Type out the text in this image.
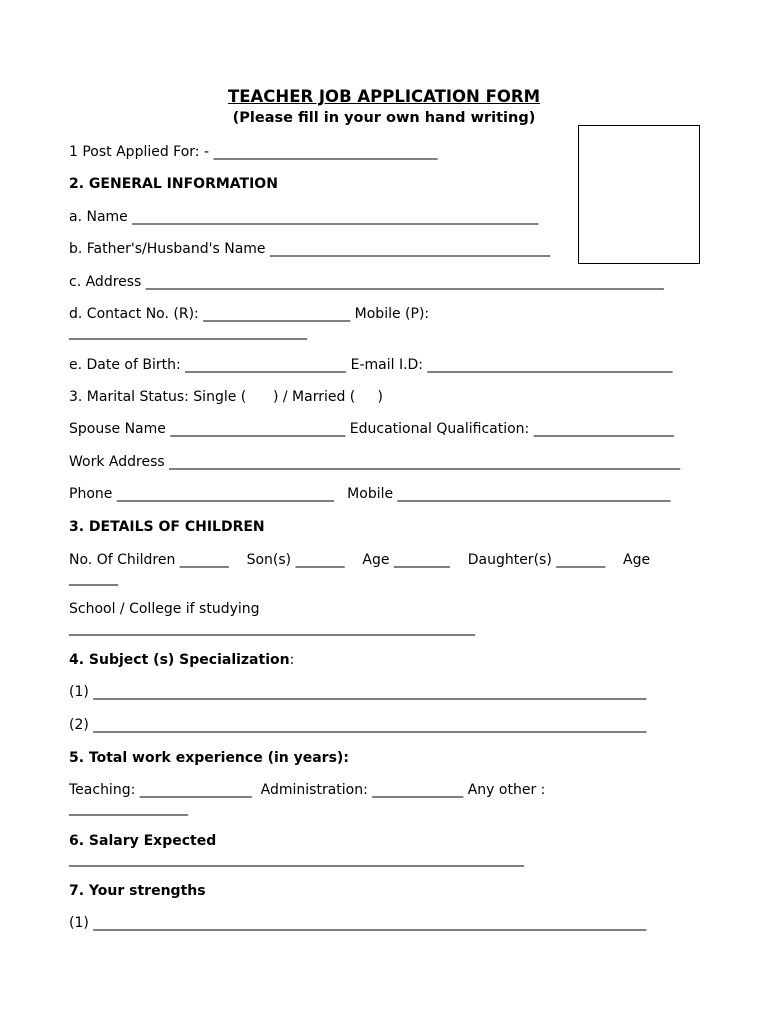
TEACHER JOB APPLICATION FORM
(Please fill in your own hand writing)
1 Post Applied For: - ________________________________
2. GENERAL INFORMATION
a. Name __________________________________________________________
b. Father's/Husband's Name ________________________________________
c. Address __________________________________________________________________________
d. Contact No. (R): _____________________ Mobile (P):
__________________________________
e. Date of Birth: _______________________ E-mail I.D: ___________________________________
3. Marital Status: Single (      ) / Married (     )
Spouse Name _________________________ Educational Qualification: ____________________
Work Address _________________________________________________________________________
Phone _______________________________   Mobile _______________________________________
3. DETAILS OF CHILDREN
No. Of Children _______    Son(s) _______    Age ________    Daughter(s) _______    Age
_______
School / College if studying
__________________________________________________________
4. Subject (s) Specialization:
(1) _______________________________________________________________________________
(2) _______________________________________________________________________________
5. Total work experience (in years):
Teaching: ________________  Administration: _____________ Any other :
_________________
6. Salary Expected
_________________________________________________________________
7. Your strengths
(1) _______________________________________________________________________________
